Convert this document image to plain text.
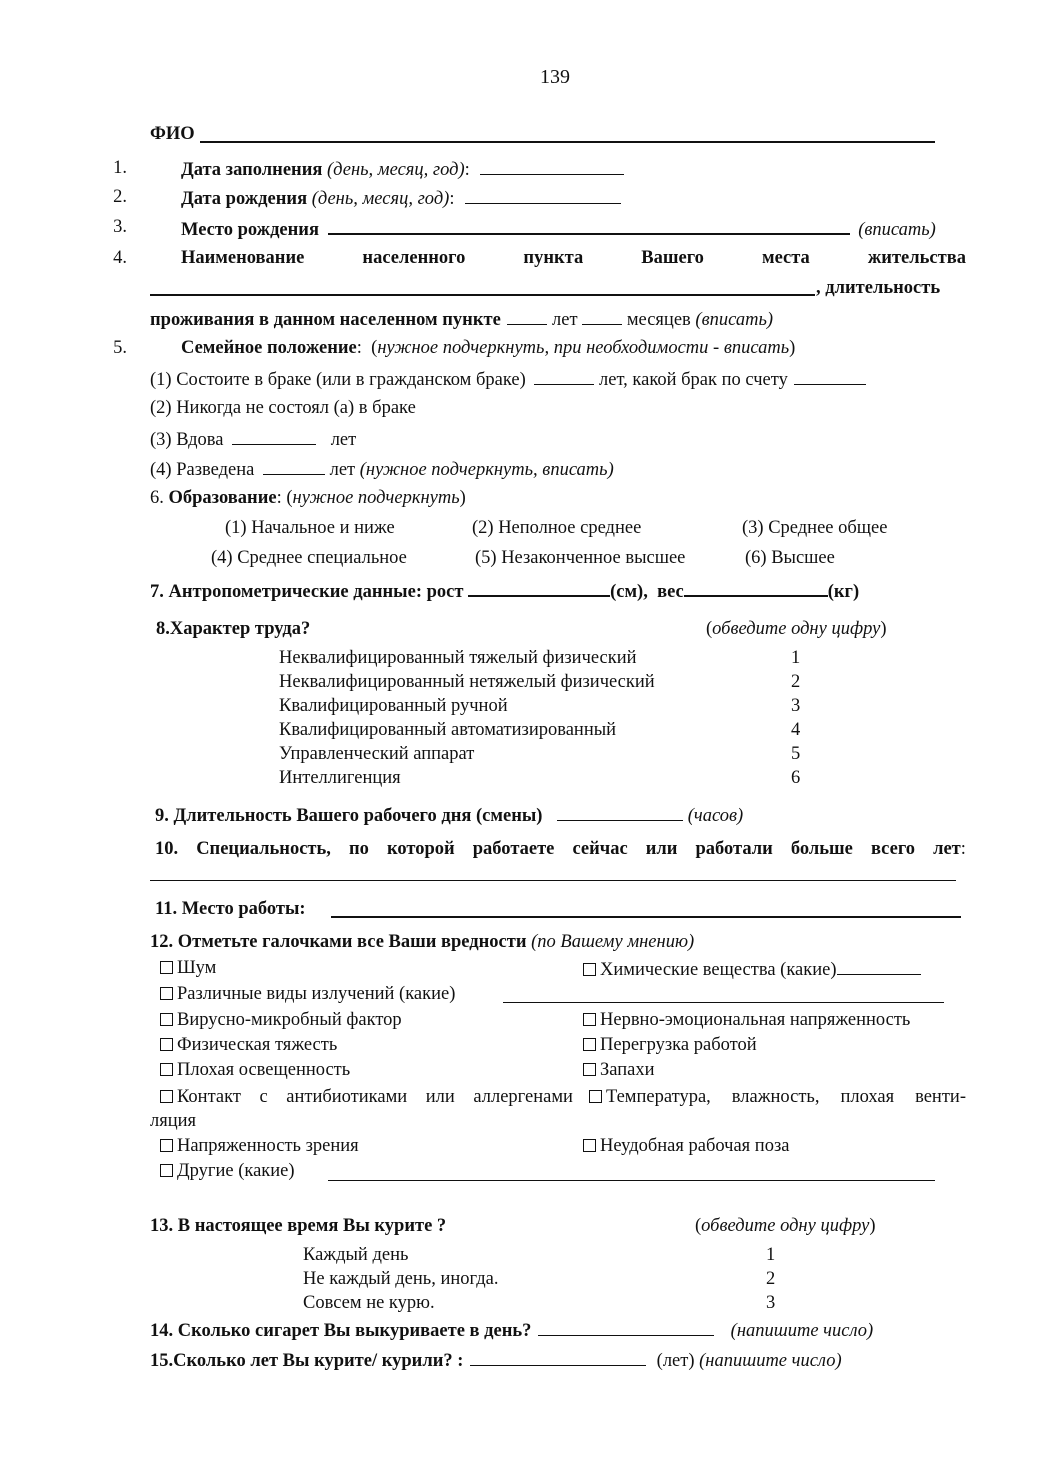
139
ФИО
1.	Дата заполнения (день, месяц, год):
2.	Дата рождения (день, месяц, год):
3.	Место рождения	(вписать)
4.	Наименование	населенного	пункта	Вашего	места	жительства
, длительность
проживания в данном населенном пункте	лет	месяцев (вписать)
5.	Семейное положение:  (нужное подчеркнуть, при необходимости - вписать)
(1) Состоите в браке (или в гражданском браке)	лет, какой брак по счету
(2) Никогда не состоял (а) в браке
(3) Вдова	лет
(4) Разведена	лет (нужное подчеркнуть, вписать)
6. Образование: (нужное подчеркнуть)
(1) Начальное и ниже	(2) Неполное среднее	(3) Среднее общее
(4) Среднее специальное	(5) Незаконченное высшее	(6) Высшее
7. Антропометрические данные: рост	(см), вес	(кг)
8.Характер труда?	(обведите одну цифру)
Неквалифицированный тяжелый физический	1
Неквалифицированный нетяжелый физический	2
Квалифицированный ручной	3
Квалифицированный автоматизированный	4
Управленческий аппарат	5
Интеллигенция	6
9. Длительность Вашего рабочего дня (смены)	(часов)
10. Специальность, по которой работаете сейчас или работали больше всего лет:
11. Место работы:
12. Отметьте галочками все Ваши вредности (по Вашему мнению)
Шум	Химические вещества (какие)
Различные виды излучений (какие)
Вирусно-микробный фактор	Нервно-эмоциональная напряженность
Физическая тяжесть	Перегрузка работой
Плохая освещенность	Запахи
Контакт с антибиотиками или аллергенами	Температура, влажность, плохая венти-
ляция
Напряженность зрения	Неудобная рабочая поза
Другие (какие)
13. В настоящее время Вы курите ?	(обведите одну цифру)
Каждый день	1
Не каждый день, иногда.	2
Совсем не курю.	3
14. Сколько сигарет Вы выкуриваете в день?	(напишите число)
15.Сколько лет Вы курите/ курили? :	(лет) (напишите число)
